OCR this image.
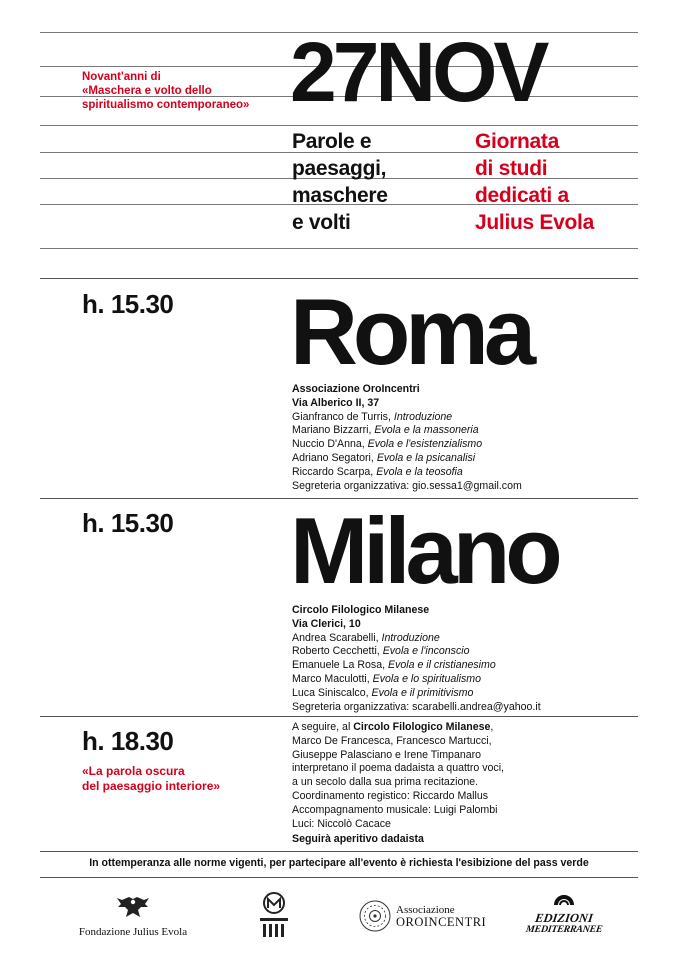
Novant'anni di
«Maschera e volto dello
spiritualismo contemporaneo» 27NOV
Parole e
paesaggi,
maschere
e volti
Giornata
di studi
dedicati a
Julius Evola
h. 15.30 Roma
Associazione OroIncentri
Via Alberico II, 37
Gianfranco de Turris, Introduzione
Mariano Bizzarri, Evola e la massoneria
Nuccio D'Anna, Evola e l'esistenzialismo
Adriano Segatori, Evola e la psicanalisi
Riccardo Scarpa, Evola e la teosofia
Segreteria organizzativa: gio.sessa1@gmail.com
h. 15.30 Milano
Circolo Filologico Milanese
Via Clerici, 10
Andrea Scarabelli, Introduzione
Roberto Cecchetti, Evola e l'inconscio
Emanuele La Rosa, Evola e il cristianesimo
Marco Maculotti, Evola e lo spiritualismo
Luca Siniscalco, Evola e il primitivismo
Segreteria organizzativa: scarabelli.andrea@yahoo.it
h. 18.30
«La parola oscura
del paesaggio interiore»
A seguire, al Circolo Filologico Milanese,
Marco De Francesca, Francesco Martucci,
Giuseppe Palasciano e Irene Timpanaro
interpretano il poema dadaista a quattro voci,
a un secolo dalla sua prima recitazione.
Coordinamento registico: Riccardo Mallus
Accompagnamento musicale: Luigi Palombi
Luci: Niccolò Cacace
Seguirà aperitivo dadaista
In ottemperanza alle norme vigenti, per partecipare all'evento è richiesta l'esibizione del pass verde
Fondazione Julius Evola
Associazione
OROINCENTRI	EDIZIONI
MEDITERRANEE
